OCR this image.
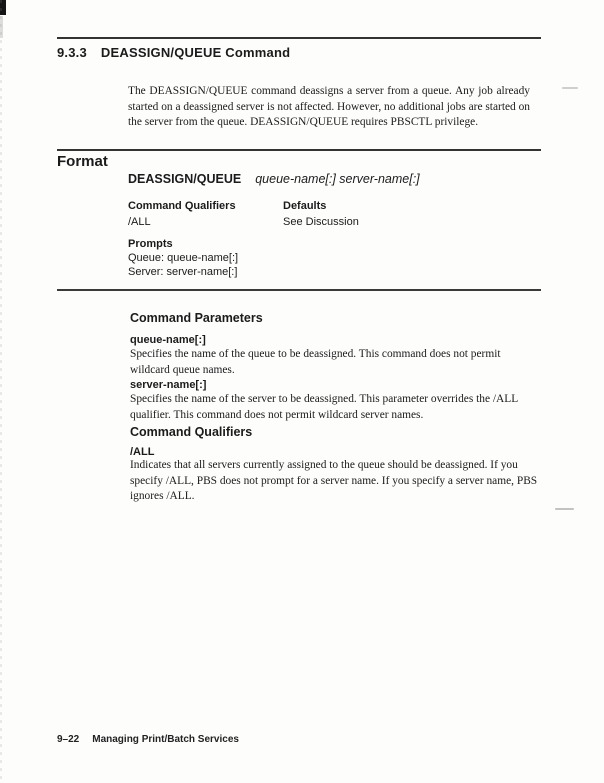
9.3.3 DEASSIGN/QUEUE Command

The DEASSIGN/QUEUE command deassigns a server from a queue. Any job already started on a deassigned server is not affected. However, no additional jobs are started on the server from the queue. DEASSIGN/QUEUE requires PBSCTL privilege.

Format
DEASSIGN/QUEUE queue-name[:] server-name[:]
Command Qualifiers	Defaults
/ALL	See Discussion
Prompts
Queue: queue-name[:]
Server: server-name[:]
Command Parameters
queue-name[:]

Specifies the name of the queue to be deassigned. This command does not permit wildcard queue names.

server-name[:]

Specifies the name of the server to be deassigned. This parameter overrides the /ALL qualifier. This command does not permit wildcard server names.

Command Qualifiers
/ALL

Indicates that all servers currently assigned to the queue should be deassigned. If you specify /ALL, PBS does not prompt for a server name. If you specify a server name, PBS ignores /ALL.

9–22 Managing Print/Batch Services
